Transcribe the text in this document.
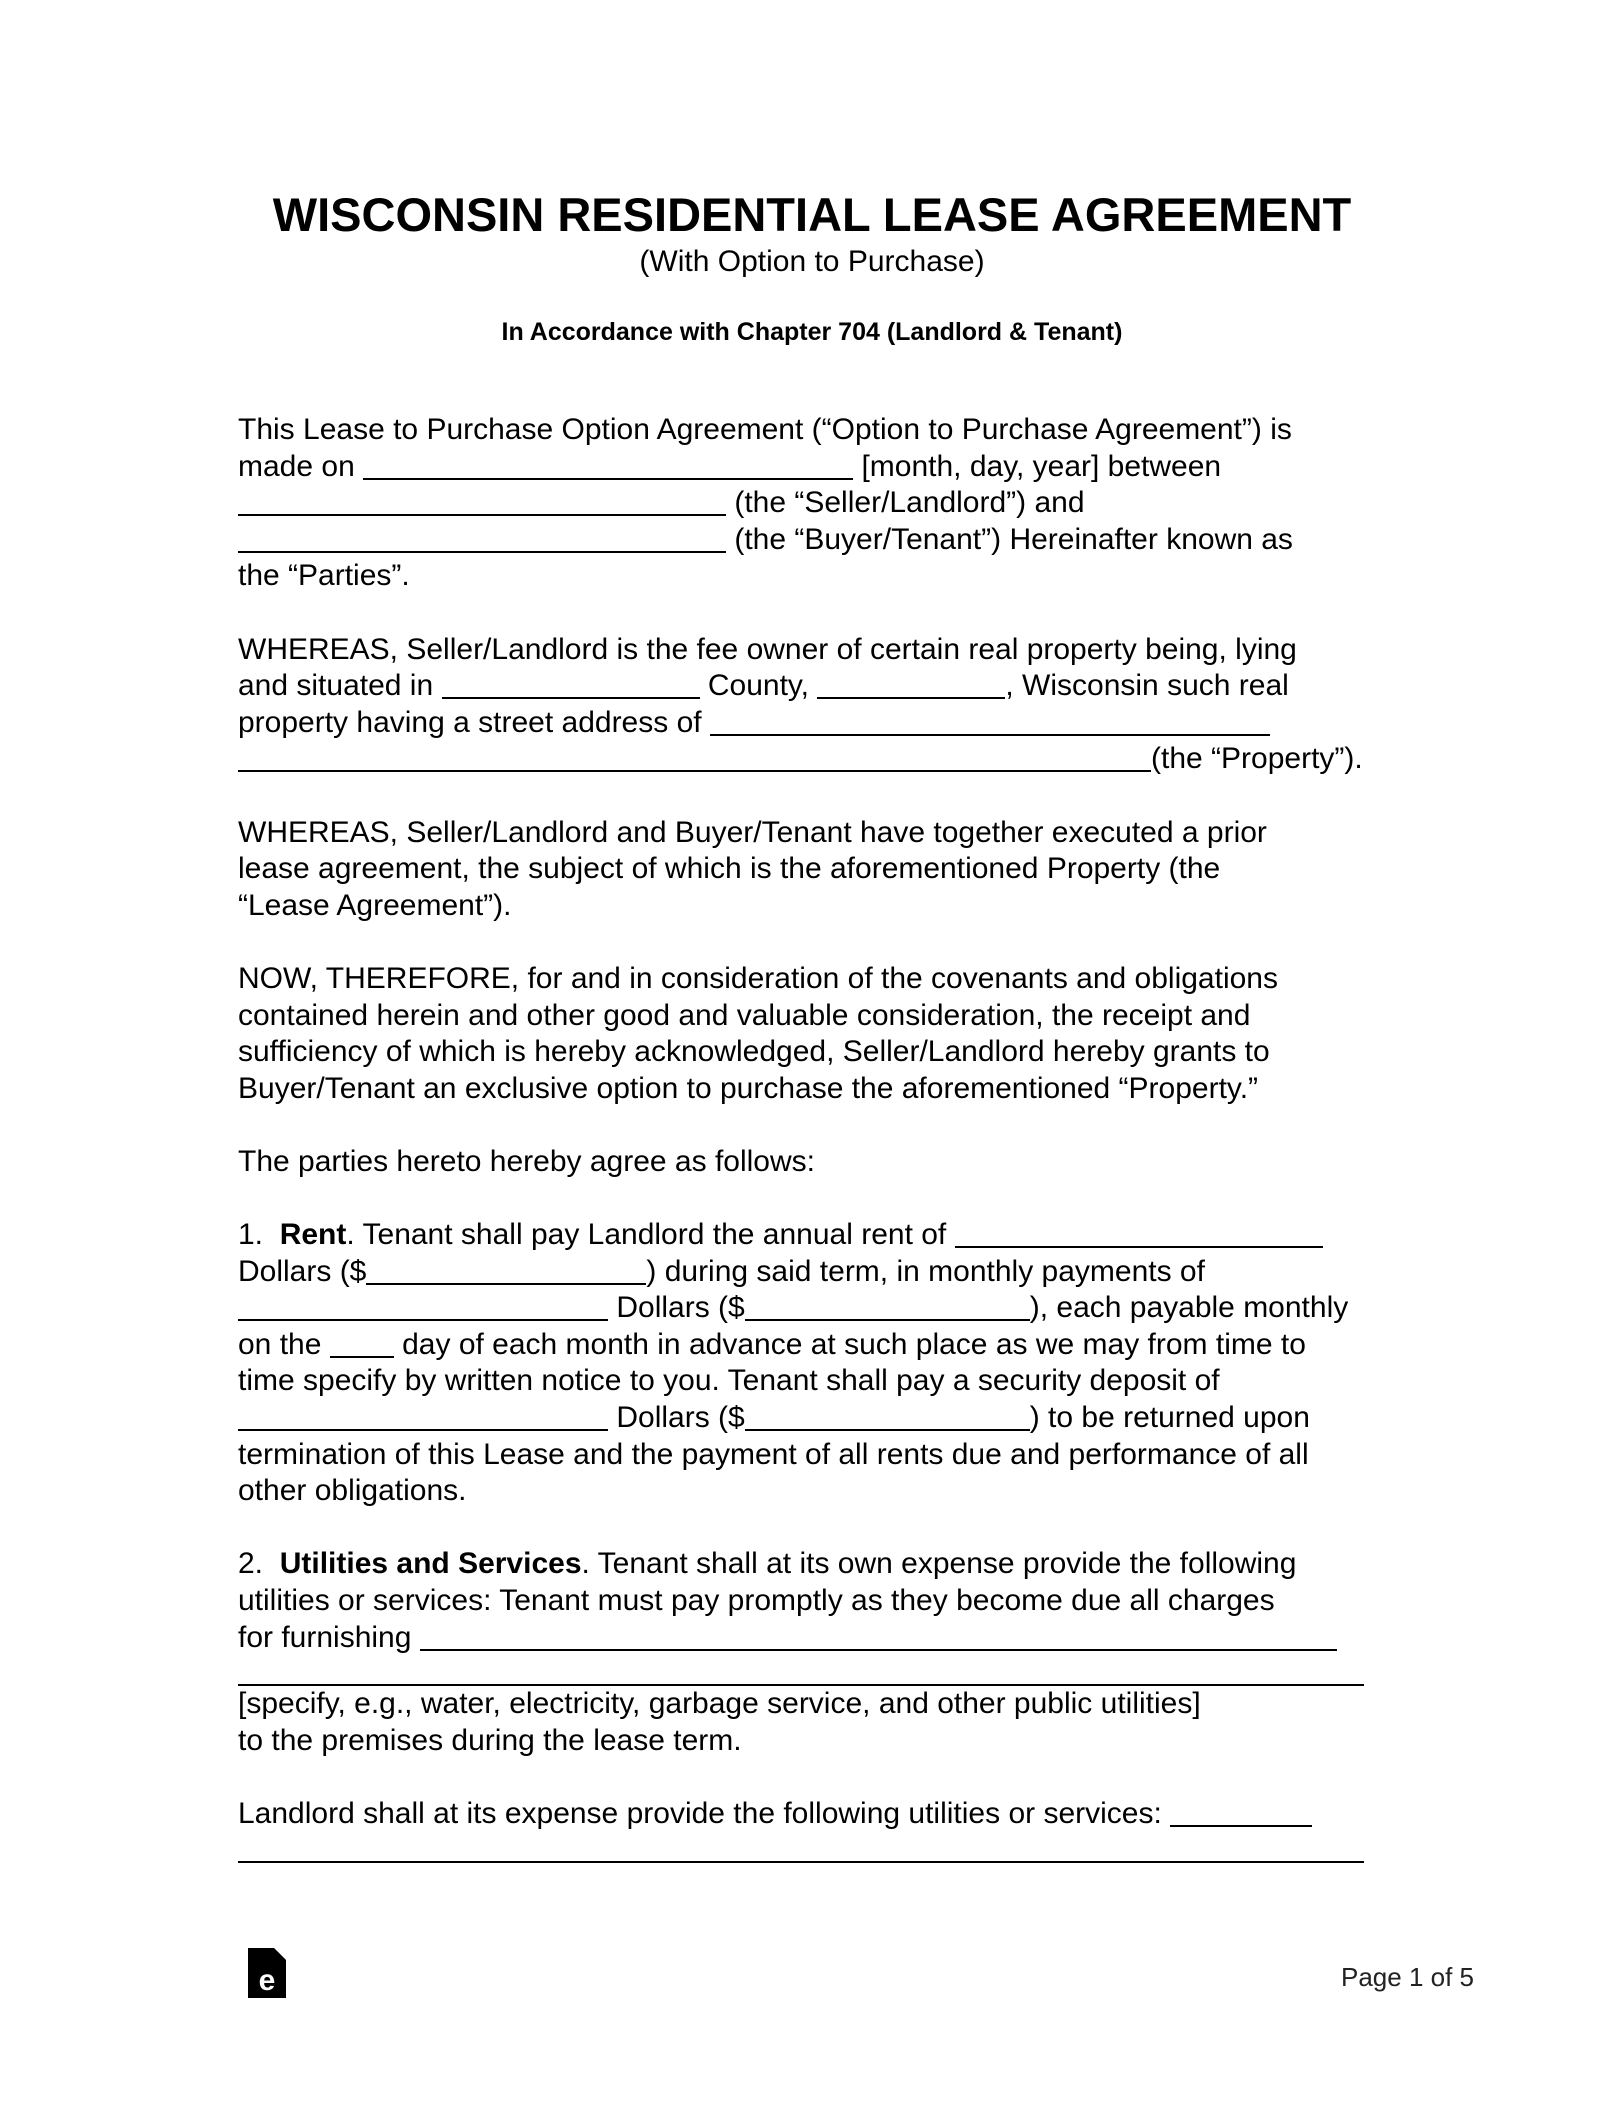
WISCONSIN RESIDENTIAL LEASE AGREEMENT
(With Option to Purchase)
In Accordance with Chapter 704 (Landlord & Tenant)

This Lease to Purchase Option Agreement (“Option to Purchase Agreement”) is
made on	[month, day, year] between
(the “Seller/Landlord”) and
(the “Buyer/Tenant”) Hereinafter known as
the “Parties”.

WHEREAS, Seller/Landlord is the fee owner of certain real property being, lying
and situated in	County,	, Wisconsin such real
property having a street address of
(the “Property”).

WHEREAS, Seller/Landlord and Buyer/Tenant have together executed a prior
lease agreement, the subject of which is the aforementioned Property (the
“Lease Agreement”).

NOW, THEREFORE, for and in consideration of the covenants and obligations
contained herein and other good and valuable consideration, the receipt and
sufficiency of which is hereby acknowledged, Seller/Landlord hereby grants to
Buyer/Tenant an exclusive option to purchase the aforementioned “Property.”

The parties hereto hereby agree as follows:

1. Rent. Tenant shall pay Landlord the annual rent of
Dollars ($	) during said term, in monthly payments of
Dollars ($	), each payable monthly
on the	day of each month in advance at such place as we may from time to
time specify by written notice to you. Tenant shall pay a security deposit of
Dollars ($	) to be returned upon
termination of this Lease and the payment of all rents due and performance of all
other obligations.

2. Utilities and Services. Tenant shall at its own expense provide the following
utilities or services: Tenant must pay promptly as they become due all charges
for furnishing
[specify, e.g., water, electricity, garbage service, and other public utilities]
to the premises during the lease term.

Landlord shall at its expense provide the following utilities or services:

e	Page 1 of 5
